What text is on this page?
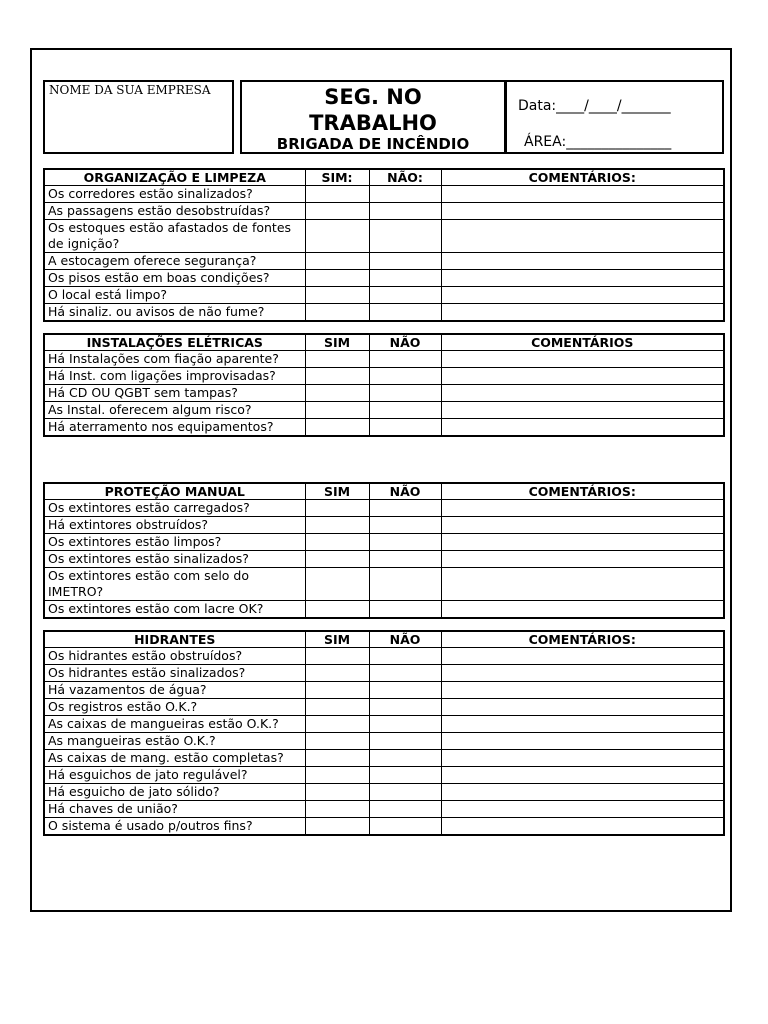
NOME DA SUA EMPRESA	SEG. NO TRABALHO
BRIGADA DE INCÊNDIO
Data:____/____/_______
ÁREA:_______________
ORGANIZAÇÃO E LIMPEZA	SIM:	NÃO:	COMENTÁRIOS:
Os corredores estão sinalizados?			
As passagens estão desobstruídas?			
Os estoques estão afastados de fontes de ignição?			
A estocagem oferece segurança?			
Os pisos estão em boas condições?			
O local está limpo?			
Há sinaliz. ou avisos de não fume?			
INSTALAÇÕES ELÉTRICAS	SIM	NÃO	COMENTÁRIOS
Há Instalações com fiação aparente?			
Há Inst. com ligações improvisadas?			
Há CD OU QGBT sem tampas?			
As Instal. oferecem algum risco?			
Há aterramento nos equipamentos?			
PROTEÇÃO MANUAL	SIM	NÃO	COMENTÁRIOS:
Os extintores estão carregados?			
Há extintores obstruídos?			
Os extintores estão limpos?			
Os extintores estão sinalizados?			
Os extintores estão com selo do IMETRO?			
Os extintores estão com lacre OK?			
HIDRANTES	SIM	NÃO	COMENTÁRIOS:
Os hidrantes estão obstruídos?			
Os hidrantes estão sinalizados?			
Há vazamentos de água?			
Os registros estão O.K.?			
As caixas de mangueiras estão O.K.?			
As mangueiras estão O.K.?			
As caixas de mang. estão completas?			
Há esguichos de jato regulável?			
Há esguicho de jato sólido?			
Há chaves de união?			
O sistema é usado p/outros fins?			
